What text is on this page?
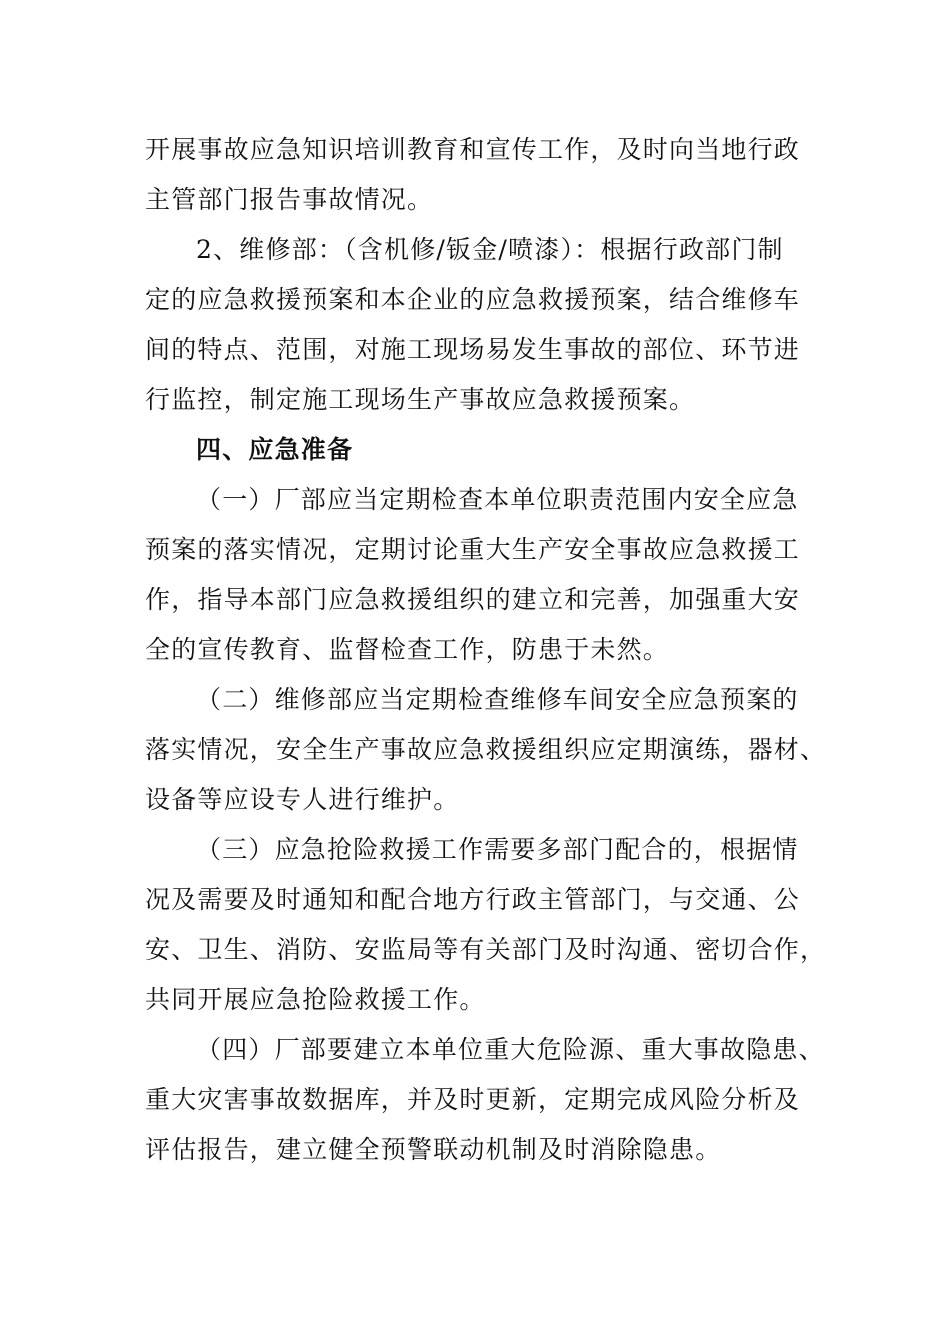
开展事故应急知识培训教育和宣传工作，及时向当地行政
主管部门报告事故情况。
2、维修部：（含机修/钣金/喷漆）：根据行政部门制
定的应急救援预案和本企业的应急救援预案，结合维修车
间的特点、范围，对施工现场易发生事故的部位、环节进
行监控，制定施工现场生产事故应急救援预案。
四、应急准备
（一）厂部应当定期检查本单位职责范围内安全应急
预案的落实情况，定期讨论重大生产安全事故应急救援工
作，指导本部门应急救援组织的建立和完善，加强重大安
全的宣传教育、监督检查工作，防患于未然。
（二）维修部应当定期检查维修车间安全应急预案的
落实情况，安全生产事故应急救援组织应定期演练，器材、
设备等应设专人进行维护。
（三）应急抢险救援工作需要多部门配合的，根据情
况及需要及时通知和配合地方行政主管部门，与交通、公
安、卫生、消防、安监局等有关部门及时沟通、密切合作，
共同开展应急抢险救援工作。
（四）厂部要建立本单位重大危险源、重大事故隐患、
重大灾害事故数据库，并及时更新，定期完成风险分析及
评估报告，建立健全预警联动机制及时消除隐患。
